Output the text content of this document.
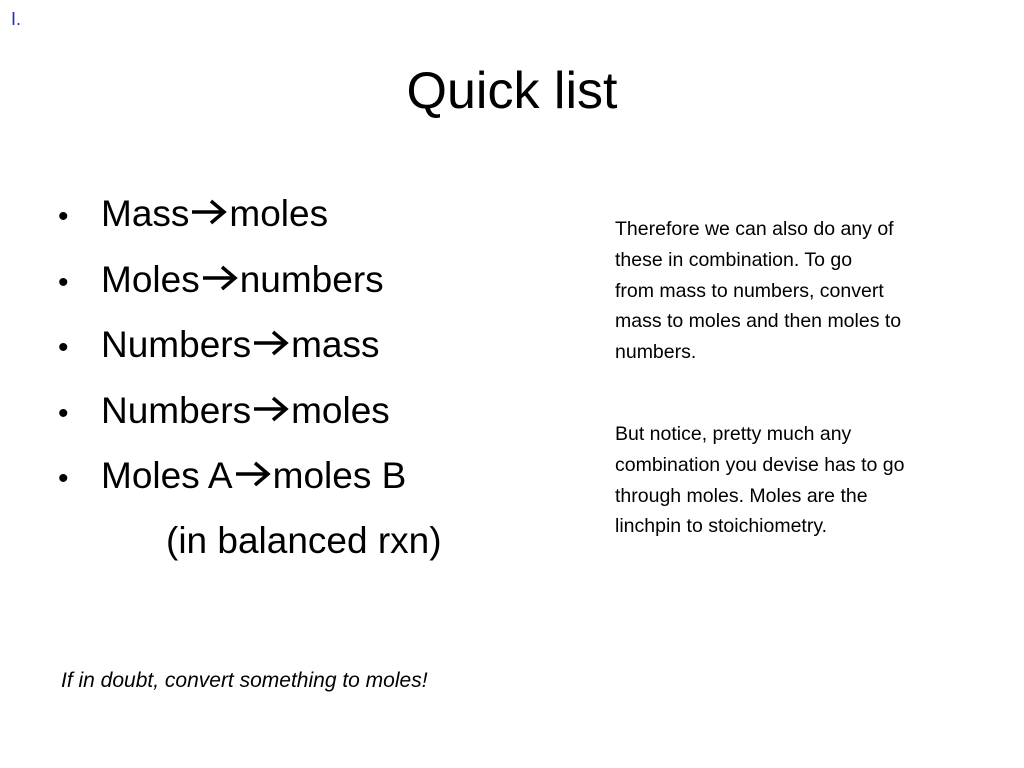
I.
Quick list
• Mass moles
• Moles numbers
• Numbers mass
• Numbers moles
• Moles A moles B
(in balanced rxn)

Therefore we can also do any of
these in combination. To go
from mass to numbers, convert
mass to moles and then moles to
numbers.

But notice, pretty much any
combination you devise has to go
through moles. Moles are the
linchpin to stoichiometry.

If in doubt, convert something to moles!
